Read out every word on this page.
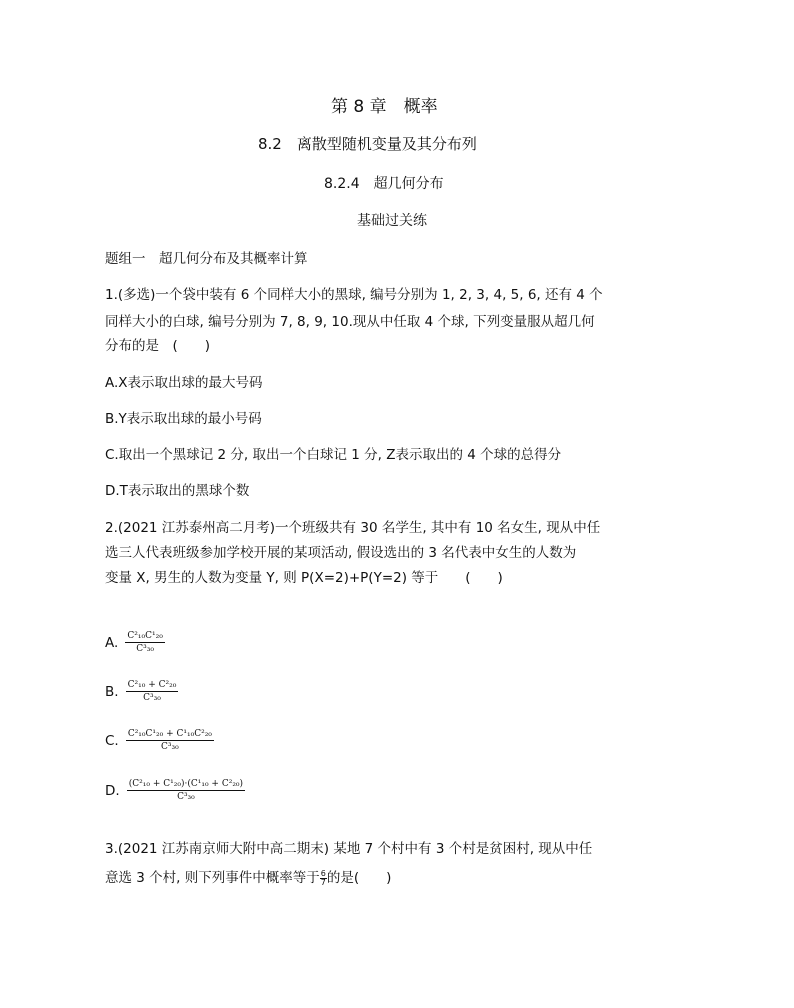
第 8 章　概率
8.2　离散型随机变量及其分布列
8.2.4　超几何分布
基础过关练
题组一　超几何分布及其概率计算
1.(多选)一个袋中装有 6 个同样大小的黑球, 编号分别为 1, 2, 3, 4, 5, 6, 还有 4 个
同样大小的白球, 编号分别为 7, 8, 9, 10.现从中任取 4 个球, 下列变量服从超几何
分布的是　(　　)
A.X表示取出球的最大号码
B.Y表示取出球的最小号码
C.取出一个黑球记 2 分, 取出一个白球记 1 分, Z表示取出的 4 个球的总得分
D.T表示取出的黑球个数
2.(2021 江苏泰州高二月考)一个班级共有 30 名学生, 其中有 10 名女生, 现从中任
选三人代表班级参加学校开展的某项活动, 假设选出的 3 名代表中女生的人数为
变量 X, 男生的人数为变量 Y, 则 P(X=2)+P(Y=2) 等于　　(　　)
A. $\frac{\text{C²₁₀C¹₂₀}}{\text{C³₃₀}}$
B. $\frac{\text{C²₁₀ + C²₂₀}}{\text{C³₃₀}}$
C. $\frac{\text{C²₁₀C¹₂₀ + C¹₁₀C²₂₀}}{\text{C³₃₀}}$
D. $\frac{\text{(C²₁₀ + C¹₂₀)·(C¹₁₀ + C²₂₀)}}{\text{C³₃₀}}$
3.(2021 江苏南京师大附中高二期末) 某地 7 个村中有 3 个村是贫困村, 现从中任
意选 3 个村, 则下列事件中概率等于 $\frac{6}{7}$ 的是(　　)
